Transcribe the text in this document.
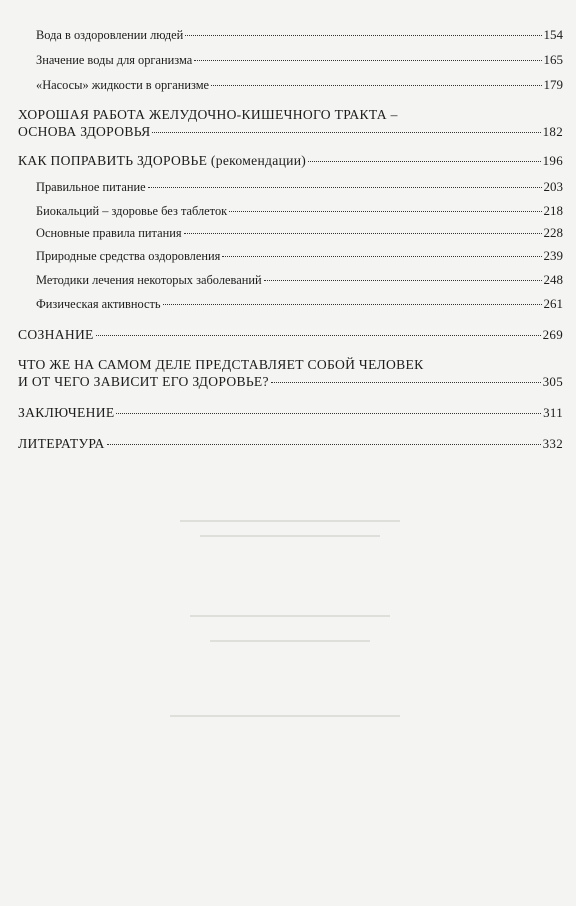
Вода в оздоровлении людей	154
Значение воды для организма	165
«Насосы» жидкости в организме	179
ХОРОШАЯ РАБОТА ЖЕЛУДОЧНО-КИШЕЧНОГО ТРАКТА –
ОСНОВА ЗДОРОВЬЯ	182
КАК ПОПРАВИТЬ ЗДОРОВЬЕ (рекомендации)	196
Правильное питание	203
Биокальций – здоровье без таблеток	218
Основные правила питания	228
Природные средства оздоровления	239
Методики лечения некоторых заболеваний	248
Физическая активность	261
СОЗНАНИЕ	269
ЧТО ЖЕ НА САМОМ ДЕЛЕ ПРЕДСТАВЛЯЕТ СОБОЙ ЧЕЛОВЕК
И ОТ ЧЕГО ЗАВИСИТ ЕГО ЗДОРОВЬЕ?	305
ЗАКЛЮЧЕНИЕ	311
ЛИТЕРАТУРА	332
